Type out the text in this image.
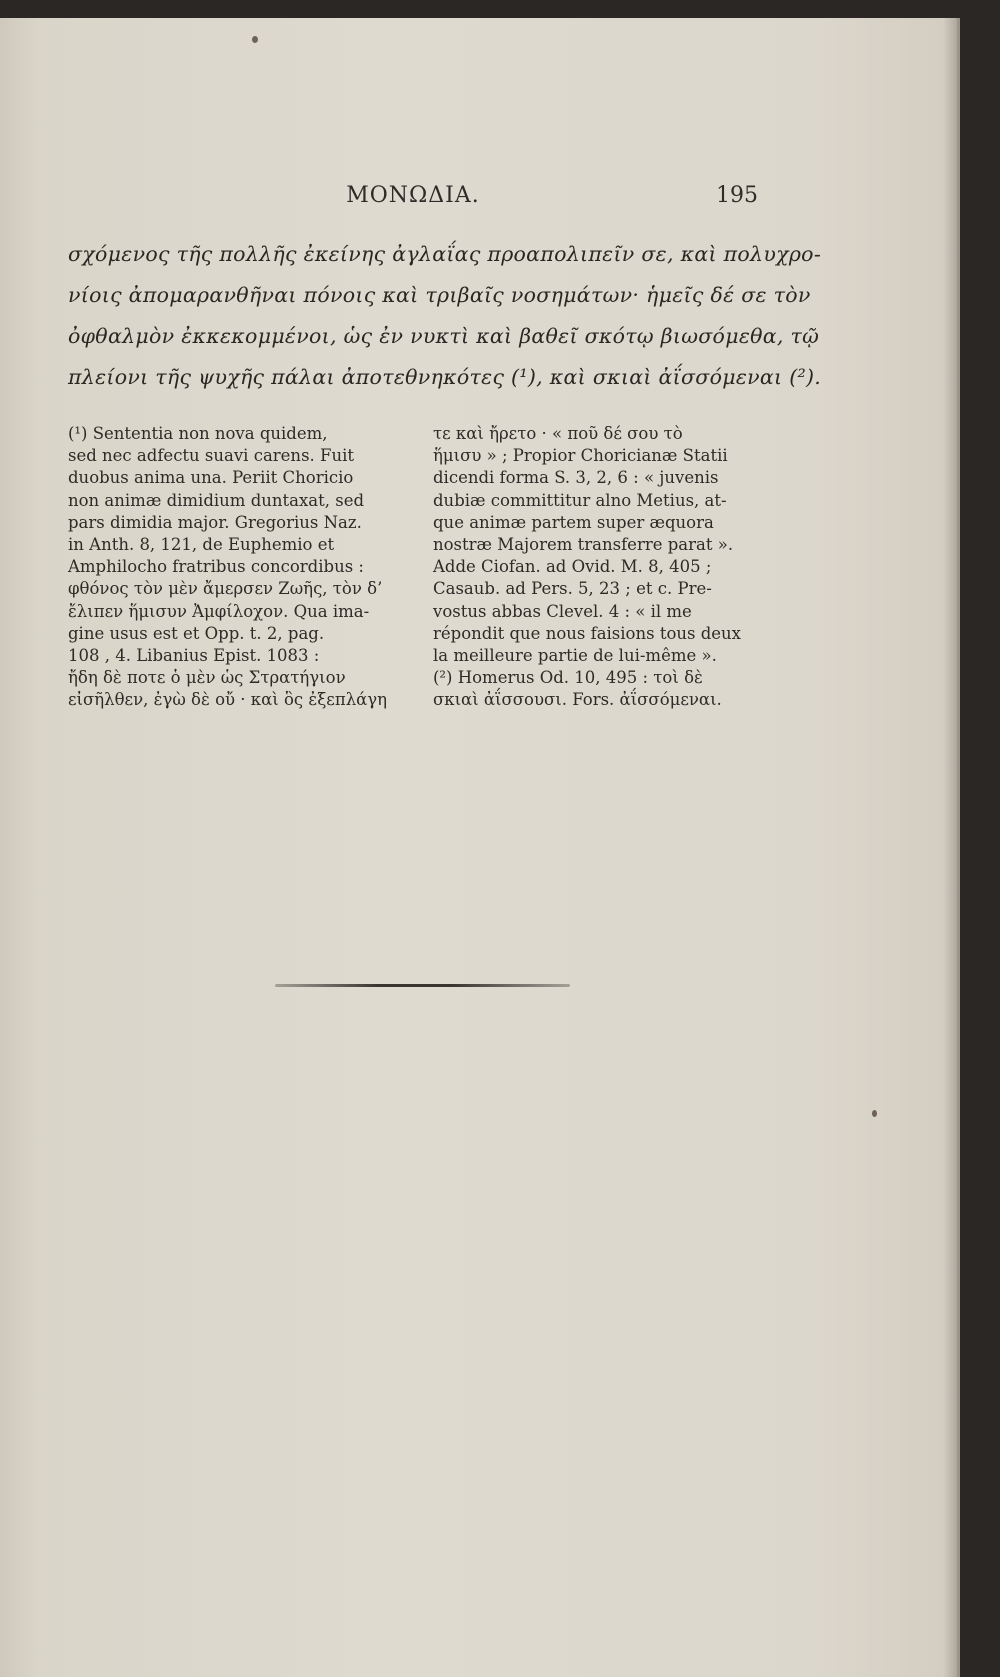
ΜΟΝΩΔΙΑ.	195
σχόμενος τῆς πολλῆς ἐκείνης ἀγλαΐας προαπολιπεῖν σε, καὶ πολυχρο-
νίοις ἀπομαρανθῆναι πόνοις καὶ τριβαῖς νοσημάτων· ἡμεῖς δέ σε τὸν
ὀφθαλμὸν ἐκκεκομμένοι, ὡς ἐν νυκτὶ καὶ βαθεῖ σκότῳ βιωσόμεθα, τῷ
πλείονι τῆς ψυχῆς πάλαι ἀποτεθνηκότες (¹), καὶ σκιαὶ ἀΐσσόμεναι (²).
(¹) Sententia non nova quidem,
sed nec adfectu suavi carens. Fuit
duobus anima una. Periit Choricio
non animæ dimidium duntaxat, sed
pars dimidia major. Gregorius Naz.
in Anth. 8, 121, de Euphemio et
Amphilocho fratribus concordibus :
φθόνος τὸν μὲν ἄμερσεν Ζωῆς, τὸν δ’
ἔλιπεν ἥμισυν Ἀμφίλοχον. Qua ima-
gine usus est et Opp. t. 2, pag.
108 , 4. Libanius Epist. 1083 :
ἤδη δὲ ποτε ὁ μὲν ὡς Στρατήγιον
εἰσῆλθεν, ἐγὼ δὲ οὔ · καὶ ὃς ἐξεπλάγη
τε καὶ ἤρετο · « ποῦ δέ σου τὸ
ἥμισυ » ; Propior Choricianæ Statii
dicendi forma S. 3, 2, 6 : « juvenis
dubiæ committitur alno Metius, at-
que animæ partem super æquora
nostræ Majorem transferre parat ».
Adde Ciofan. ad Ovid. M. 8, 405 ;
Casaub. ad Pers. 5, 23 ; et c. Pre-
vostus abbas Clevel. 4 : « il me
répondit que nous faisions tous deux
la meilleure partie de lui-même ».
(²) Homerus Od. 10, 495 : τοὶ δὲ
σκιαὶ ἀΐσσουσι. Fors. ἀΐσσόμεναι.
